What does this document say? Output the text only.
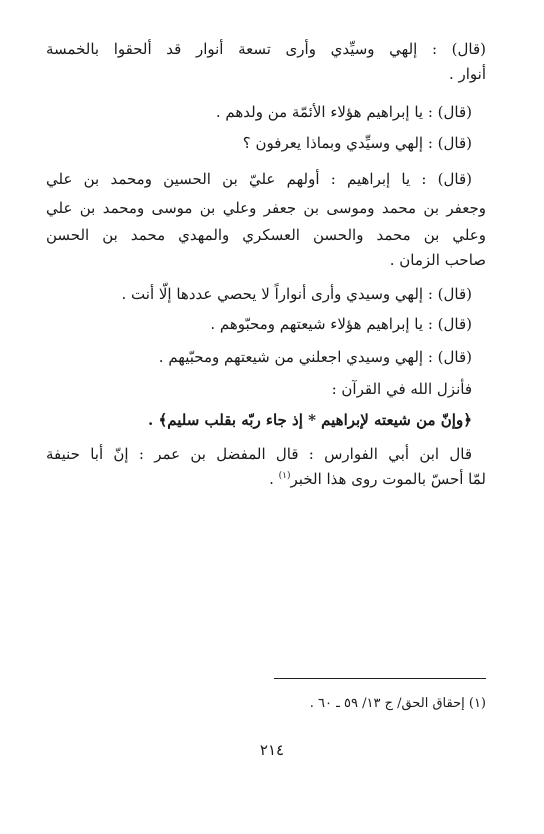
(قال) : إلهي وسيِّدي وأرى تسعة أنوار قد ألحقوا بالخمسة
أنوار .
(قال) : يا إبراهيم هؤلاء الأئمّة من ولدهم .
(قال) : إلهي وسيِّدي وبماذا يعرفون ؟
(قال) : يا إبراهيم : أولهم عليّ بن الحسين ومحمد بن علي
وجعفر بن محمد وموسى بن جعفر وعلي بن موسى ومحمد بن علي
وعلي بن محمد والحسن العسكري والمهدي محمد بن الحسن
صاحب الزمان .
(قال) : إلهي وسيدي وأرى أنواراً لا يحصي عددها إلّا أنت .
(قال) : يا إبراهيم هؤلاء شيعتهم ومحبّوهم .
(قال) : إلهي وسيدي اجعلني من شيعتهم ومحبّيهم .
فأنزل الله في القرآن :
﴿وإنّ من شيعته لإبراهيم * إذ جاء ربّه بقلب سليم﴾ .
قال ابن أبي الفوارس : قال المفضل بن عمر : إنّ أبا حنيفة
لمّا أحسّ بالموت روى هذا الخبر$^{(١)}$ .
(١) إحقاق الحق/ ج ١٣/ ٥٩ ـ ٦٠ .
٢١٤
